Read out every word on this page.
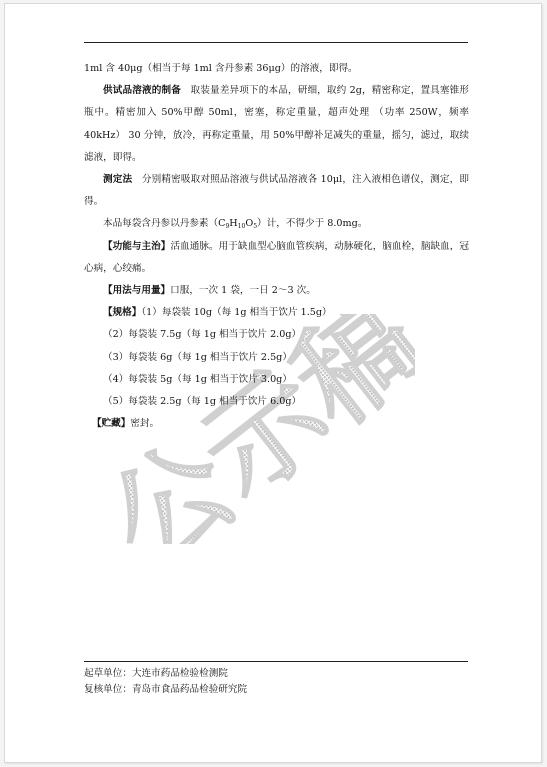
公示稿

1ml 含 40μg（相当于每 1ml 含丹参素 36μg）的溶液，即得。

供试品溶液的制备 取装量差异项下的本品，研细，取约 2g，精密称定，置具塞锥形瓶中。精密加入 50%甲醇 50ml，密塞，称定重量，超声处理 （功率 250W，频率 40kHz） 30 分钟，放冷，再称定重量，用 50%甲醇补足减失的重量，摇匀，滤过，取续滤液，即得。

测定法 分别精密吸取对照品溶液与供试品溶液各 10μl，注入液相色谱仪，测定，即得。

本品每袋含丹参以丹参素$(C_9H_{10}O_5)$计，不得少于 8.0mg。

【功能与主治】活血通脉。用于缺血型心脑血管疾病，动脉硬化，脑血栓，脑缺血，冠心病，心绞痛。

【用法与用量】口服，一次 1 袋，一日 2～3 次。

【规格】（1）每袋装 10g（每 1g 相当于饮片 1.5g）

（2）每袋装 7.5g（每 1g 相当于饮片 2.0g）

（3）每袋装 6g（每 1g 相当于饮片 2.5g）

（4）每袋装 5g（每 1g 相当于饮片 3.0g）

（5）每袋装 2.5g（每 1g 相当于饮片 6.0g）

【贮藏】密封。

起草单位：大连市药品检验检测院
复核单位：青岛市食品药品检验研究院
